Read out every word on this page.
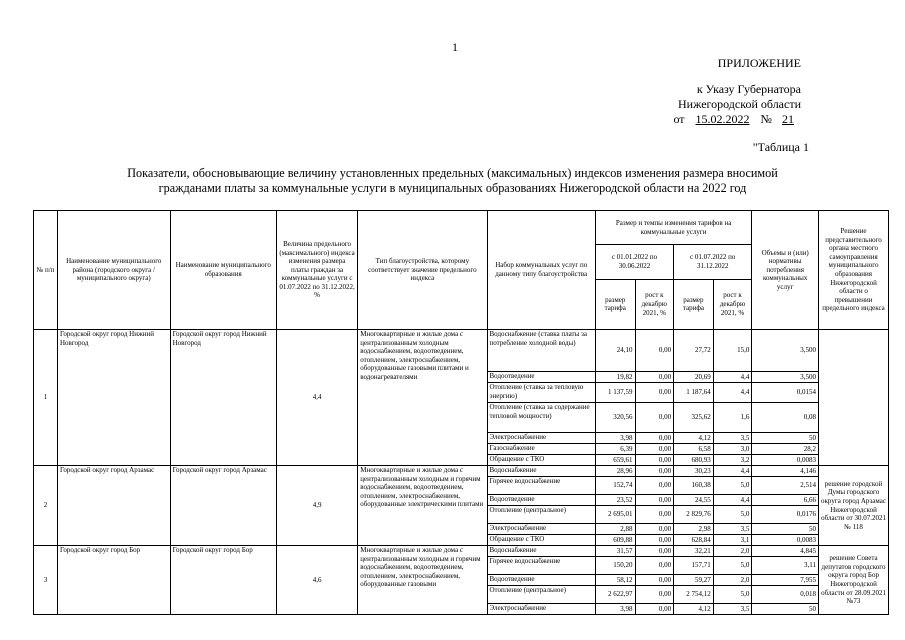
1
ПРИЛОЖЕНИЕ
к Указу Губернатора
Нижегородской области
от 15.02.2022 № 21
"Таблица 1
Показатели, обосновывающие величину установленных предельных (максимальных) индексов изменения размера вносимой
гражданами платы за коммунальные услуги в муниципальных образованиях Нижегородской области на 2022 год
№ п/п	Наименование муниципального района (городского округа / муниципального округа)	Наименование муниципального образования	Величина предельного (максимального) индекса изменения размера платы граждан за коммунальные услуги с 01.07.2022 по 31.12.2022, %	Тип благоустройства, которому соответствует значение предельного индекса	Набор коммунальных услуг по данному типу благоустройства	Размер и темпы изменения тарифов на коммунальные услуги				Объемы и (или) нормативы потребления коммунальных услуг	Решение представительного органа местного самоуправления муниципального образования Нижегородской области о превышении предельного индекса
						с 01.01.2022 по 30.06.2022		с 01.07.2022 по 31.12.2022			
						размер тарифа	рост к декабрю 2021, %	размер тарифа	рост к декабрю 2021, %		
1	Городской округ город Нижний Новгород	Городской округ город Нижний Новгород	4,4	Многоквартирные и жилые дома с централизованным холодным водоснабжением, водоотведением, отоплением, электроснабжением, оборудованные газовыми плитами и водонагревателями	Водоснабжение (ставка платы за потребление холодной воды)	24,10	0,00	27,72	15,0	3,500	
					Водоотведение	19,82	0,00	20,69	4,4	3,500	
					Отопление (ставка за тепловую энергию)	1 137,59	0,00	1 187,64	4,4	0,0154	
					Отопление (ставка за содержание тепловой мощности)	320,56	0,00	325,62	1,6	0,08	
					Электроснабжение	3,98	0,00	4,12	3,5	50	
					Газоснабжение	6,39	0,00	6,58	3,0	28,2	
					Обращение с ТКО	659,61	0,00	680,93	3,2	0,0083	
2	Городской округ город Арзамас	Городской округ город Арзамас	4,9	Многоквартирные и жилые дома с централизованным холодным и горячим водоснабжением, водоотведением, отоплением, электроснабжением, оборудованные электрическими плитами	Водоснабжение	28,96	0,00	30,23	4,4	4,146	решение городской Думы городского округа город Арзамас Нижегородской области от 30.07.2021 № 118
					Горячее водоснабжение	152,74	0,00	160,38	5,0	2,514	
					Водоотведение	23,52	0,00	24,55	4,4	6,66	
					Отопление (центральное)	2 695,01	0,00	2 829,76	5,0	0,0176	
					Электроснабжение	2,88	0,00	2,98	3,5	50	
					Обращение с ТКО	609,88	0,00	628,84	3,1	0,0083	
3	Городской округ город Бор	Городской округ город Бор	4,6	Многоквартирные и жилые дома с централизованным холодным и горячим водоснабжением, водоотведением, отоплением, электроснабжением, оборудованные газовыми	Водоснабжение	31,57	0,00	32,21	2,0	4,845	решение Совета депутатов городского округа город Бор Нижегородской области от 28.09.2021 №73
					Горячее водоснабжение	150,20	0,00	157,71	5,0	3,11	
					Водоотведение	58,12	0,00	59,27	2,0	7,955	
					Отопление (центральное)	2 622,97	0,00	2 754,12	5,0	0,018	
					Электроснабжение	3,98	0,00	4,12	3,5	50	
